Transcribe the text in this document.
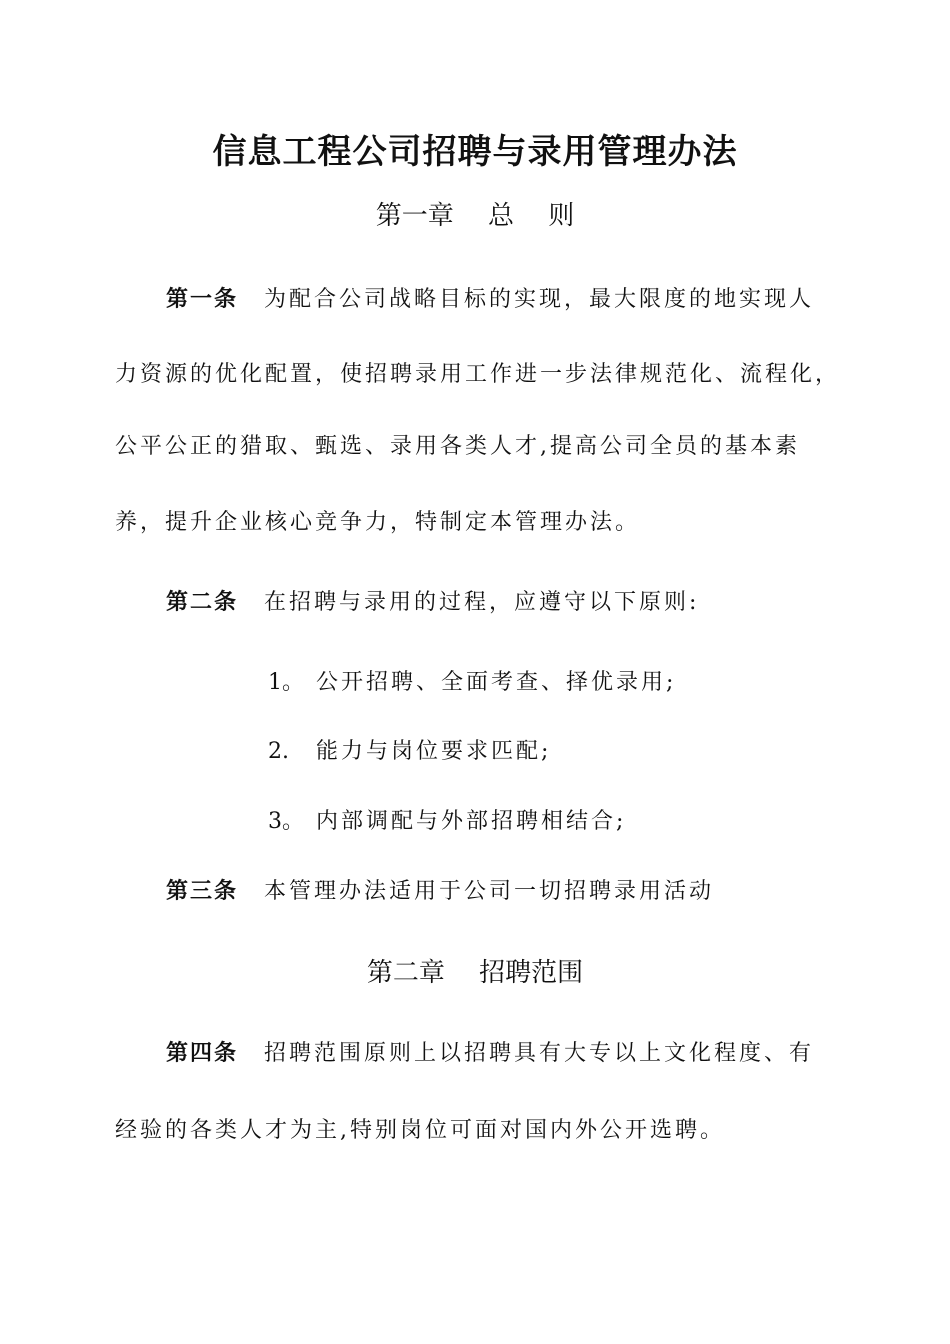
信息工程公司招聘与录用管理办法
第一章　 总　 则
第一条 为配合公司战略目标的实现，最大限度的地实现人
力资源的优化配置，使招聘录用工作进一步法律规范化、流程化，
公平公正的猎取、甄选、录用各类人才,提高公司全员的基本素
养，提升企业核心竞争力，特制定本管理办法。
第二条 在招聘与录用的过程，应遵守以下原则:
1。 公开招聘、全面考查、择优录用;
2. 能力与岗位要求匹配;
3。 内部调配与外部招聘相结合;
第三条 本管理办法适用于公司一切招聘录用活动
第二章　 招聘范围
第四条 招聘范围原则上以招聘具有大专以上文化程度、有
经验的各类人才为主,特别岗位可面对国内外公开选聘。
